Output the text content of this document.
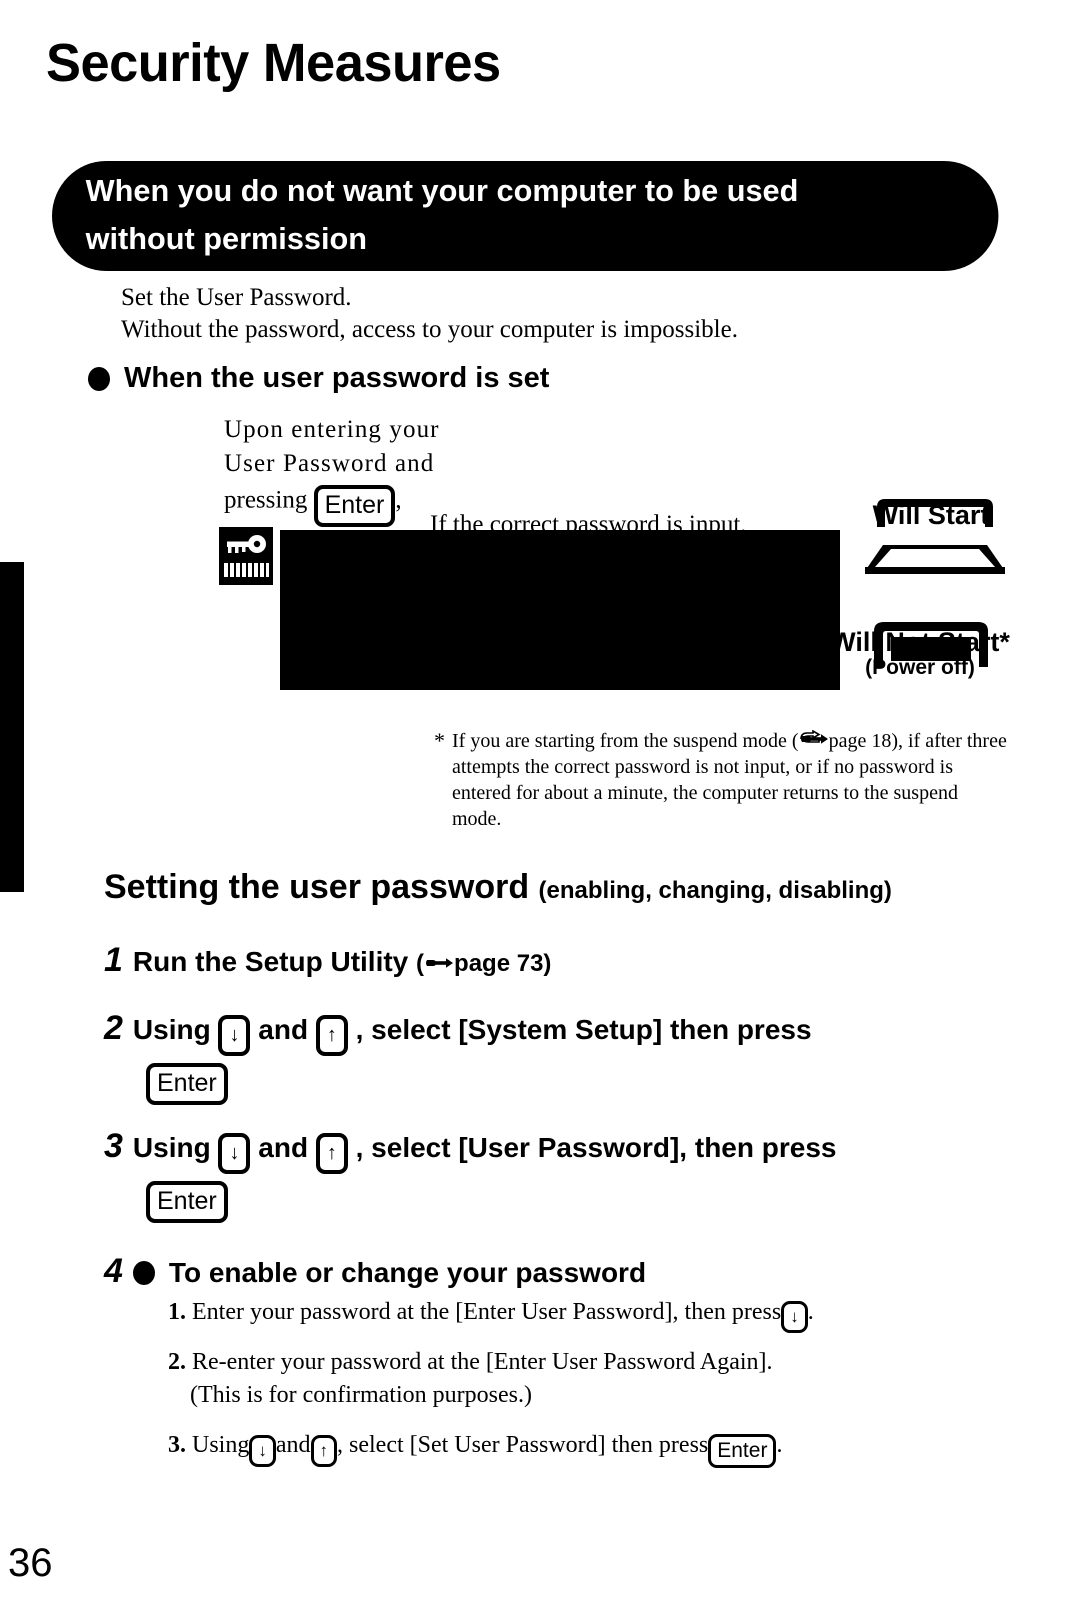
Security Measures
When you do not want your computer to be used
without permission
Set the User Password.
Without the password, access to your computer is impossible.
When the user password is set
Upon entering your
User Password and
pressing Enter ,
If the correct password is input,
Over three incorrect attempts,
Will Start
Will Not Start*
(Power off)
* If you are starting from the suspend mode ( page 18), if after three attempts the correct password is not input, or if no password is entered for about a minute, the computer returns to the suspend mode.
Setting the user password (enabling, changing, disabling)
1 Run the Setup Utility ( page 73)
2 Using ↓ and ↑ , select [System Setup] then press
Enter
3 Using ↓ and ↑ , select [User Password], then press
Enter
4 To enable or change your password
1. Enter your password at the [Enter User Password], then press ↓ .
2. Re-enter your password at the [Enter User Password Again].
(This is for confirmation purposes.)
3. Using ↓ and ↑ , select [Set User Password] then press Enter .
36
